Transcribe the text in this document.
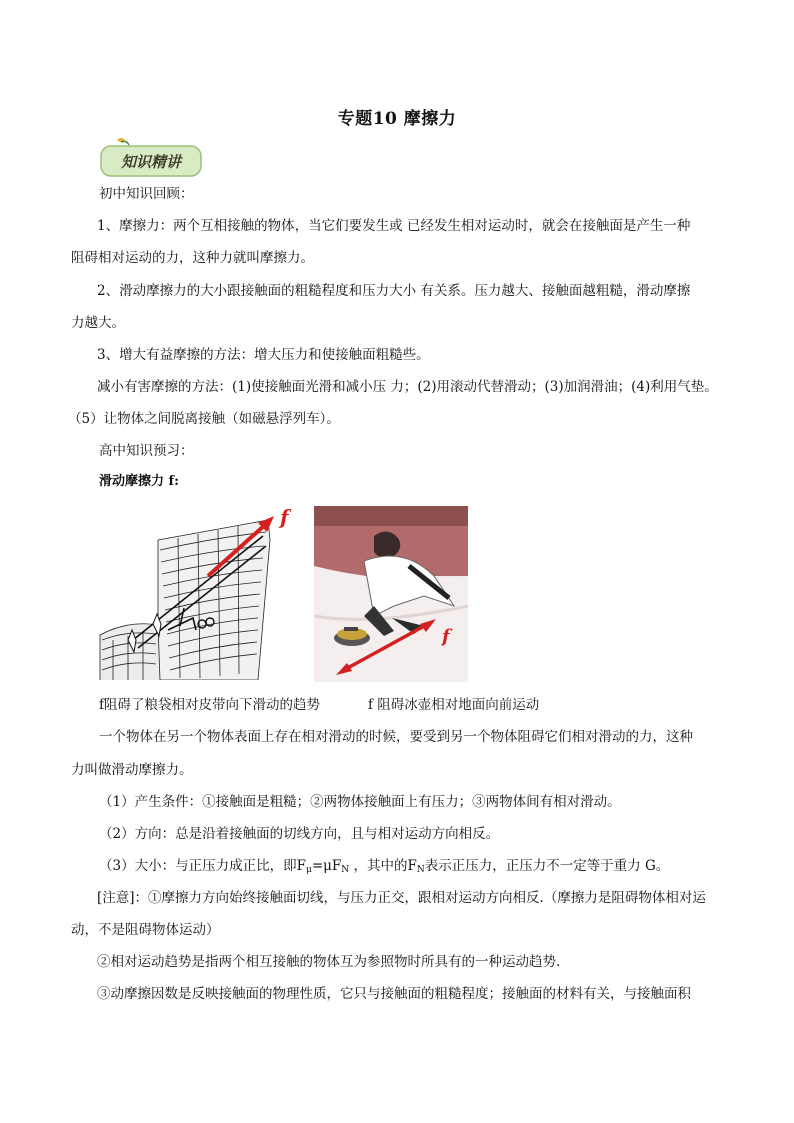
专题10 摩擦力
知识精讲
初中知识回顾：
1、摩擦力：两个互相接触的物体，当它们要发生或 已经发生相对运动时，就会在接触面是产生一种
阻碍相对运动的力，这种力就叫摩擦力。
2、滑动摩擦力的大小跟接触面的粗糙程度和压力大小 有关系。压力越大、接触面越粗糙，滑动摩擦
力越大。
3、增大有益摩擦的方法：增大压力和使接触面粗糙些。
减小有害摩擦的方法：(1)使接触面光滑和减小压 力；(2)用滚动代替滑动；(3)加润滑油；(4)利用气垫。
（5）让物体之间脱离接触（如磁悬浮列车）。
高中知识预习：
滑动摩擦力 f:
f
f
f阻碍了粮袋相对皮带向下滑动的趋势	f 阻碍冰壶相对地面向前运动
一个物体在另一个物体表面上存在相对滑动的时候，要受到另一个物体阻碍它们相对滑动的力，这种
力叫做滑动摩擦力。
（1）产生条件：①接触面是粗糙；②两物体接触面上有压力；③两物体间有相对滑动。
（2）方向：总是沿着接触面的切线方向，且与相对运动方向相反。
（3）大小：与正压力成正比，即$F_\mu=\mu F_N$ ，其中的$F_N$表示正压力，正压力不一定等于重力 G。
[注意]：①摩擦力方向始终接触面切线，与压力正交，跟相对运动方向相反.（摩擦力是阻碍物体相对运
动，不是阻碍物体运动）
②相对运动趋势是指两个相互接触的物体互为参照物时所具有的一种运动趋势.
③动摩擦因数是反映接触面的物理性质，它只与接触面的粗糙程度；接触面的材料有关，与接触面积
